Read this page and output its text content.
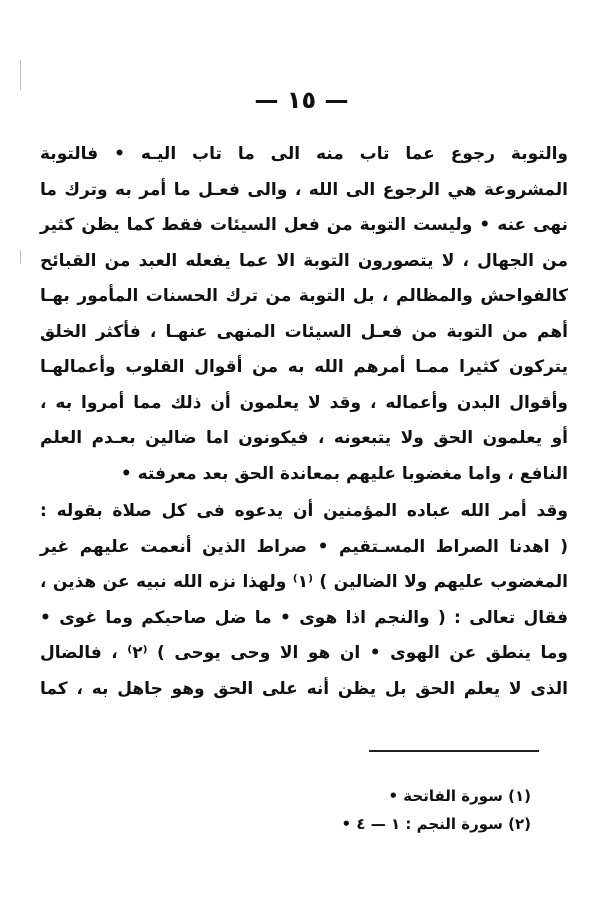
— ١٥ —
والتوبة رجوع عما تاب منه الى ما تاب اليـه • فالتوبة
المشروعة هي الرجوع الى الله ، والى فعـل ما أمر به وترك ما
نهى عنه • وليست التوبة من فعل السيئات فقط كما يظن كثير
من الجهال ، لا يتصورون التوبة الا عما يفعله العبد من القبائح
كالفواحش والمظالم ، بل التوبة من ترك الحسنات المأمور بهـا
أهم من التوبة من فعـل السيئات المنهى عنهـا ، فأكثر الخلق
يتركون كثيرا ممـا أمرهم الله به من أقوال القلوب وأعمالهـا
وأقوال البدن وأعماله ، وقد لا يعلمون أن ذلك مما أمروا به ،
أو يعلمون الحق ولا يتبعونه ، فيكونون اما ضالين بعـدم العلم
النافع ، واما مغضوبا عليهم بمعاندة الحق بعد معرفته •
وقد أمر الله عباده المؤمنين أن يدعوه فى كل صلاة بقوله :
( اهدنا الصراط المسـتقيم • صراط الذين أنعمت عليهم غير
المغضوب عليهم ولا الضالين ) ⁽١⁾ ولهذا نزه الله نبيه عن هذين ،
فقال تعالى : ( والنجم اذا هوى • ما ضل صاحبكم وما غوى •
وما ينطق عن الهوى • ان هو الا وحى يوحى ) ⁽٢⁾ ، فالضال
الذى لا يعلم الحق بل يظن أنه على الحق وهو جاهل به ، كما
(١) سورة الفاتحة •
(٢) سورة النجم : ١ — ٤ •
